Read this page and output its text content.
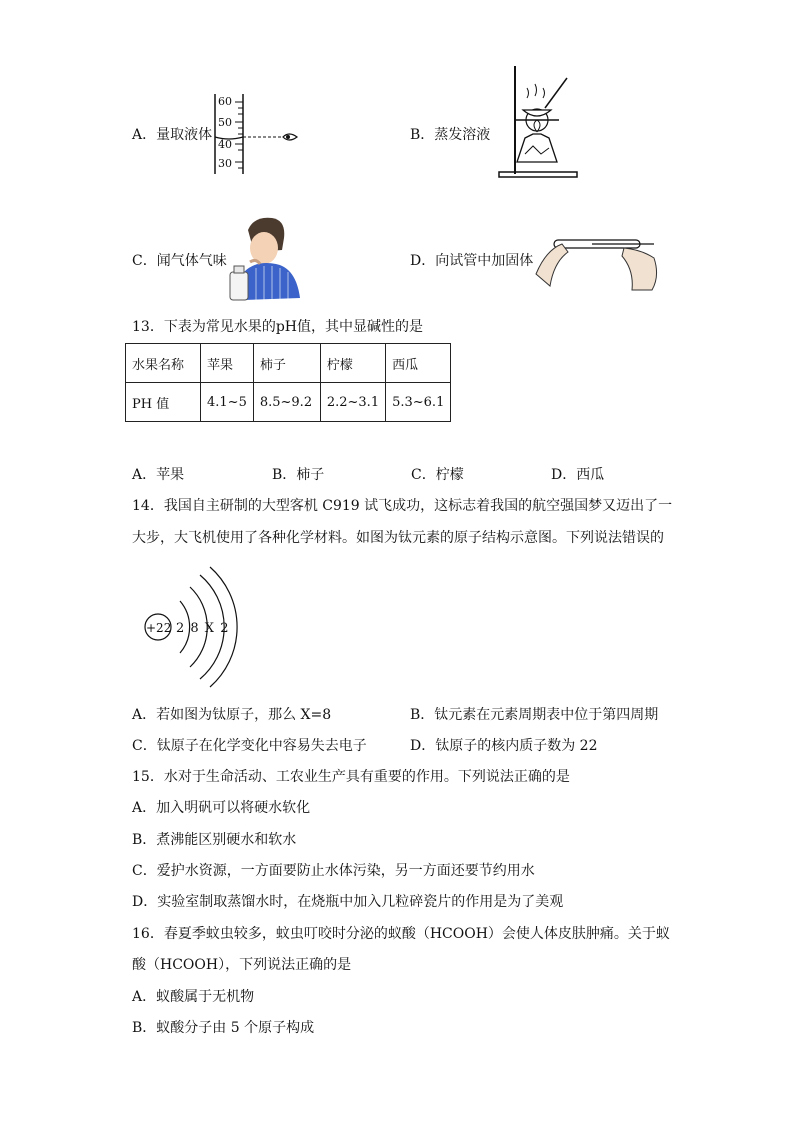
A．量取液体
60
50
40
30
B．蒸发溶液
C．闻气体气味	D．向试管中加固体
13．下表为常见水果的pH值，其中显碱性的是
水果名称	苹果	柿子	柠檬	西瓜
PH 值	4.1~5	8.5~9.2	2.2~3.1	5.3~6.1
A．苹果	B．柿子	C．柠檬	D．西瓜
14．我国自主研制的大型客机 C919 试飞成功，这标志着我国的航空强国梦又迈出了一
大步，大飞机使用了各种化学材料。如图为钛元素的原子结构示意图。下列说法错误的
+22 2 8 X 2
A．若如图为钛原子，那么 X=8	B．钛元素在元素周期表中位于第四周期
C．钛原子在化学变化中容易失去电子	D．钛原子的核内质子数为 22
15．水对于生命活动、工农业生产具有重要的作用。下列说法正确的是
A．加入明矾可以将硬水软化
B．煮沸能区别硬水和软水
C．爱护水资源，一方面要防止水体污染，另一方面还要节约用水
D．实验室制取蒸馏水时，在烧瓶中加入几粒碎瓷片的作用是为了美观
16．春夏季蚊虫较多，蚊虫叮咬时分泌的蚁酸（HCOOH）会使人体皮肤肿痛。关于蚁
酸（HCOOH），下列说法正确的是
A．蚁酸属于无机物
B．蚁酸分子由 5 个原子构成
